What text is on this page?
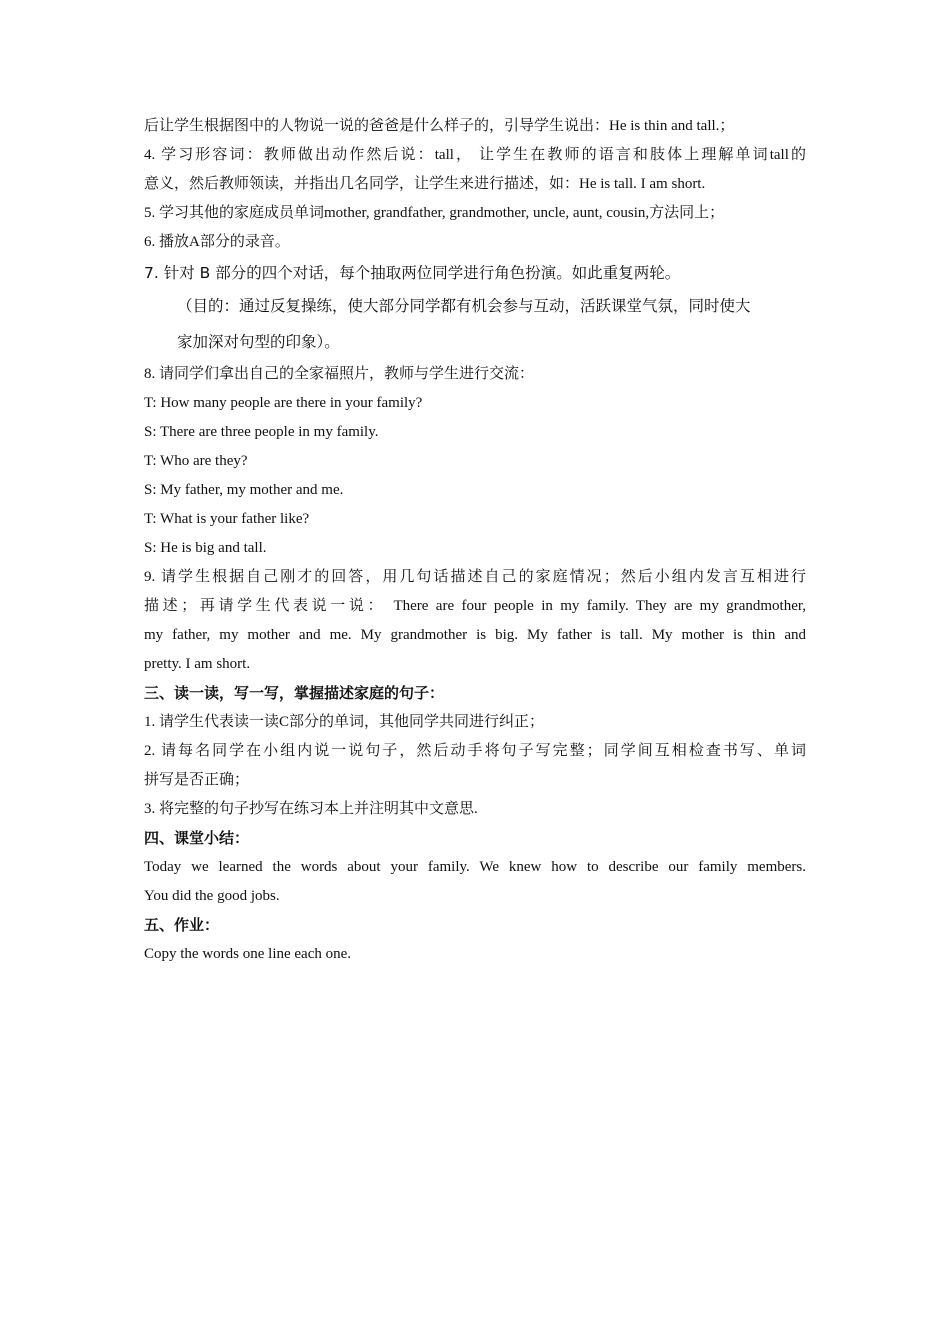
后让学生根据图中的人物说一说的爸爸是什么样子的，引导学生说出：He is thin and tall.；
4. 学习形容词：教师做出动作然后说：tall， 让学生在教师的语言和肢体上理解单词tall的
意义，然后教师领读，并指出几名同学，让学生来进行描述，如：He is tall. I am short.
5. 学习其他的家庭成员单词mother, grandfather, grandmother, uncle, aunt, cousin,方法同上；
6. 播放A部分的录音。
7. 针对 B 部分的四个对话，每个抽取两位同学进行角色扮演。如此重复两轮。
（目的：通过反复操练，使大部分同学都有机会参与互动，活跃课堂气氛，同时使大
家加深对句型的印象）。
8. 请同学们拿出自己的全家福照片，教师与学生进行交流：
T: How many people are there in your family?
S: There are three people in my family.
T: Who are they?
S: My father, my mother and me.
T: What is your father like?
S: He is big and tall.
9. 请学生根据自己刚才的回答，用几句话描述自己的家庭情况；然后小组内发言互相进行
描述；再请学生代表说一说： There are four people in my family. They are my grandmother,
my father, my mother and me. My grandmother is big. My father is tall. My mother is thin and
pretty. I am short.
三、读一读，写一写，掌握描述家庭的句子：
1. 请学生代表读一读C部分的单词，其他同学共同进行纠正；
2. 请每名同学在小组内说一说句子，然后动手将句子写完整；同学间互相检查书写、单词
拼写是否正确；
3. 将完整的句子抄写在练习本上并注明其中文意思.
四、课堂小结：
Today we learned the words about your family. We knew how to describe our family members.
You did the good jobs.
五、作业：
Copy the words one line each one.
